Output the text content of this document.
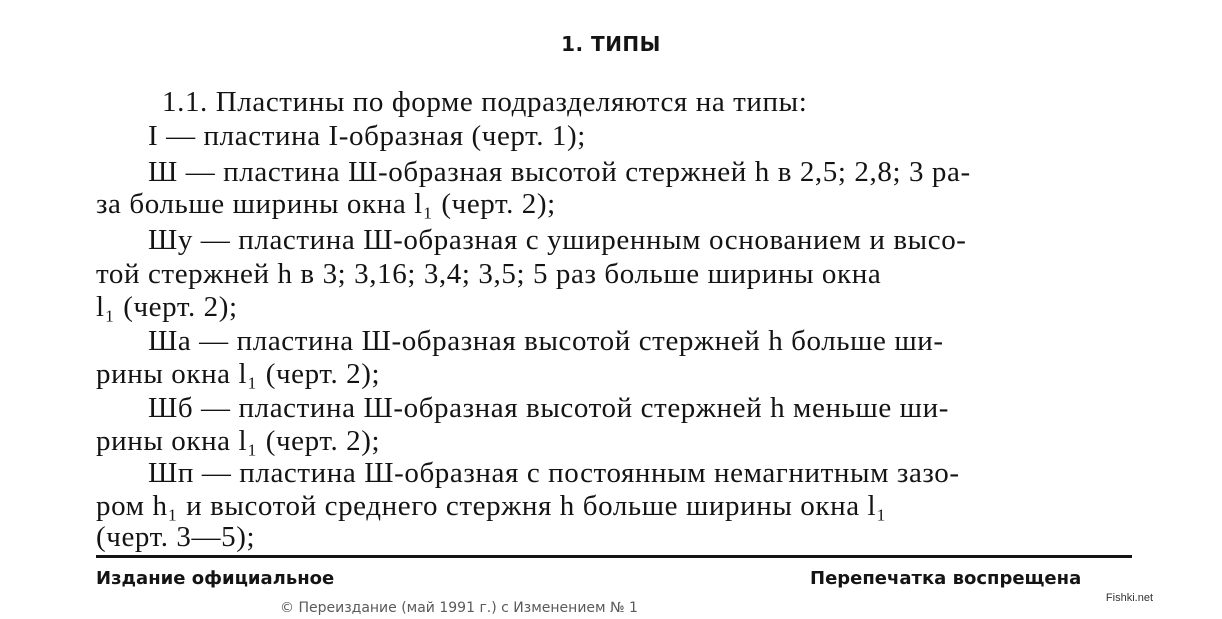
1. ТИПЫ
1.1. Пластины по форме подразделяются на типы:
I — пластина I-образная (черт. 1);
Ш — пластина Ш-образная высотой стержней h в 2,5; 2,8; 3 ра-
за больше ширины окна l₁ (черт. 2);
Шу — пластина Ш-образная с уширенным основанием и высо-
той стержней h в 3; 3,16; 3,4; 3,5; 5 раз больше ширины окна
l₁ (черт. 2);
Ша — пластина Ш-образная высотой стержней h больше ши-
рины окна l₁ (черт. 2);
Шб — пластина Ш-образная высотой стержней h меньше ши-
рины окна l₁ (черт. 2);
Шп — пластина Ш-образная с постоянным немагнитным зазо-
ром h₁ и высотой среднего стержня h больше ширины окна l₁
(черт. 3—5);
Издание официальное	Перепечатка воспрещена
© Переиздание (май 1991 г.) с Изменением № 1
Fishki.net
